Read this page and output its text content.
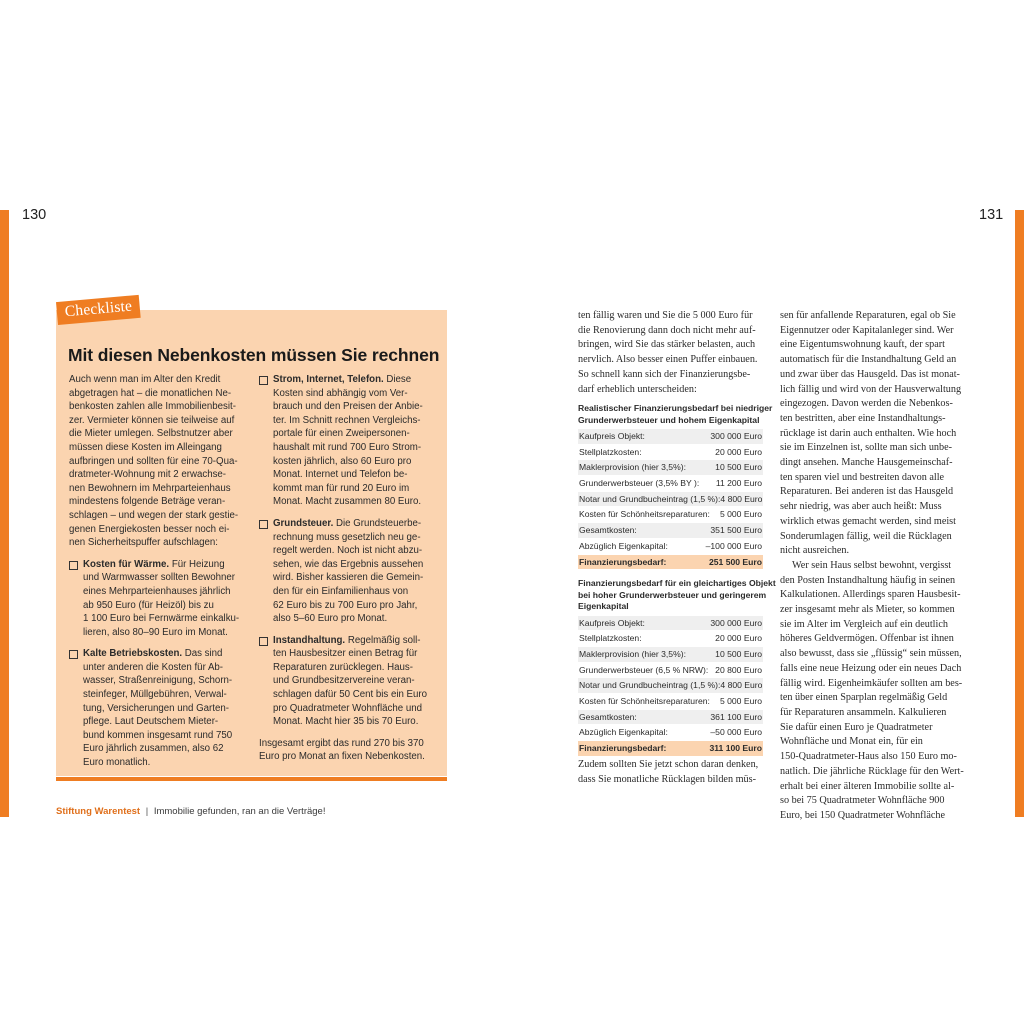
130	131
Checkliste
Mit diesen Nebenkosten müssen Sie rechnen
Auch wenn man im Alter den Kredit
abgetragen hat – die monatlichen Ne-
benkosten zahlen alle Immobilienbesit-
zer. Vermieter können sie teilweise auf
die Mieter umlegen. Selbstnutzer aber
müssen diese Kosten im Alleingang
aufbringen und sollten für eine 70-Qua-
dratmeter-Wohnung mit 2 erwachse-
nen Bewohnern im Mehrparteienhaus
mindestens folgende Beträge veran-
schlagen – und wegen der stark gestie-
genen Energiekosten besser noch ei-
nen Sicherheitspuffer aufschlagen:
Kosten für Wärme. Für Heizung
und Warmwasser sollten Bewohner
eines Mehrparteienhauses jährlich
ab 950 Euro (für Heizöl) bis zu
1 100 Euro bei Fernwärme einkalku-
lieren, also 80–90 Euro im Monat.
Kalte Betriebskosten. Das sind
unter anderen die Kosten für Ab-
wasser, Straßenreinigung, Schorn-
steinfeger, Müllgebühren, Verwal-
tung, Versicherungen und Garten-
pflege. Laut Deutschem Mieter-
bund kommen insgesamt rund 750
Euro jährlich zusammen, also 62
Euro monatlich.
Strom, Internet, Telefon. Diese
Kosten sind abhängig vom Ver-
brauch und den Preisen der Anbie-
ter. Im Schnitt rechnen Vergleichs-
portale für einen Zweipersonen-
haushalt mit rund 700 Euro Strom-
kosten jährlich, also 60 Euro pro
Monat. Internet und Telefon be-
kommt man für rund 20 Euro im
Monat. Macht zusammen 80 Euro.
Grundsteuer. Die Grundsteuerbe-
rechnung muss gesetzlich neu ge-
regelt werden. Noch ist nicht abzu-
sehen, wie das Ergebnis aussehen
wird. Bisher kassieren die Gemein-
den für ein Einfamilienhaus von
62 Euro bis zu 700 Euro pro Jahr,
also 5–60 Euro pro Monat.
Instandhaltung. Regelmäßig soll-
ten Hausbesitzer einen Betrag für
Reparaturen zurücklegen. Haus-
und Grundbesitzervereine veran-
schlagen dafür 50 Cent bis ein Euro
pro Quadratmeter Wohnfläche und
Monat. Macht hier 35 bis 70 Euro.
Insgesamt ergibt das rund 270 bis 370
Euro pro Monat an fixen Nebenkosten.
Stiftung Warentest | Immobilie gefunden, ran an die Verträge!
ten fällig waren und Sie die 5 000 Euro für
die Renovierung dann doch nicht mehr auf-
bringen, wird Sie das stärker belasten, auch
nervlich. Also besser einen Puffer einbauen.
So schnell kann sich der Finanzierungsbe-
darf erheblich unterscheiden:
Realistischer Finanzierungsbedarf bei niedriger
Grunderwerbsteuer und hohem Eigenkapital
Kaufpreis Objekt:	300 000 Euro
Stellplatzkosten:	20 000 Euro
Maklerprovision (hier 3,5%):	10 500 Euro
Grunderwerbsteuer (3,5% BY ): 11 200 Euro
Notar und Grundbucheintrag (1,5 %): 4 800 Euro
Kosten für Schönheitsreparaturen: 5 000 Euro
Gesamtkosten:	351 500 Euro
Abzüglich Eigenkapital:	–100 000 Euro
Finanzierungsbedarf:	251 500 Euro
Finanzierungsbedarf für ein gleichartiges Objekt
bei hoher Grunderwerbsteuer und geringerem
Eigenkapital
Kaufpreis Objekt:	300 000 Euro
Stellplatzkosten:	20 000 Euro
Maklerprovision (hier 3,5%):	10 500 Euro
Grunderwerbsteuer (6,5 % NRW): 20 800 Euro
Notar und Grundbucheintrag (1,5 %): 4 800 Euro
Kosten für Schönheitsreparaturen: 5 000 Euro
Gesamtkosten:	361 100 Euro
Abzüglich Eigenkapital:	–50 000 Euro
Finanzierungsbedarf:	311 100 Euro
Zudem sollten Sie jetzt schon daran denken,
dass Sie monatliche Rücklagen bilden müs-
sen für anfallende Reparaturen, egal ob Sie
Eigennutzer oder Kapitalanleger sind. Wer
eine Eigentumswohnung kauft, der spart
automatisch für die Instandhaltung Geld an
und zwar über das Hausgeld. Das ist monat-
lich fällig und wird von der Hausverwaltung
eingezogen. Davon werden die Nebenkos-
ten bestritten, aber eine Instandhaltungs-
rücklage ist darin auch enthalten. Wie hoch
sie im Einzelnen ist, sollte man sich unbe-
dingt ansehen. Manche Hausgemeinschaf-
ten sparen viel und bestreiten davon alle
Reparaturen. Bei anderen ist das Hausgeld
sehr niedrig, was aber auch heißt: Muss
wirklich etwas gemacht werden, sind meist
Sonderumlagen fällig, weil die Rücklagen
nicht ausreichen.
Wer sein Haus selbst bewohnt, vergisst
den Posten Instandhaltung häufig in seinen
Kalkulationen. Allerdings sparen Hausbesit-
zer insgesamt mehr als Mieter, so kommen
sie im Alter im Vergleich auf ein deutlich
höheres Geldvermögen. Offenbar ist ihnen
also bewusst, dass sie „flüssig“ sein müssen,
falls eine neue Heizung oder ein neues Dach
fällig wird. Eigenheimkäufer sollten am bes-
ten über einen Sparplan regelmäßig Geld
für Reparaturen ansammeln. Kalkulieren
Sie dafür einen Euro je Quadratmeter
Wohnfläche und Monat ein, für ein
150-Quadratmeter-Haus also 150 Euro mo-
natlich. Die jährliche Rücklage für den Wert-
erhalt bei einer älteren Immobilie sollte al-
so bei 75 Quadratmeter Wohnfläche 900
Euro, bei 150 Quadratmeter Wohnfläche
